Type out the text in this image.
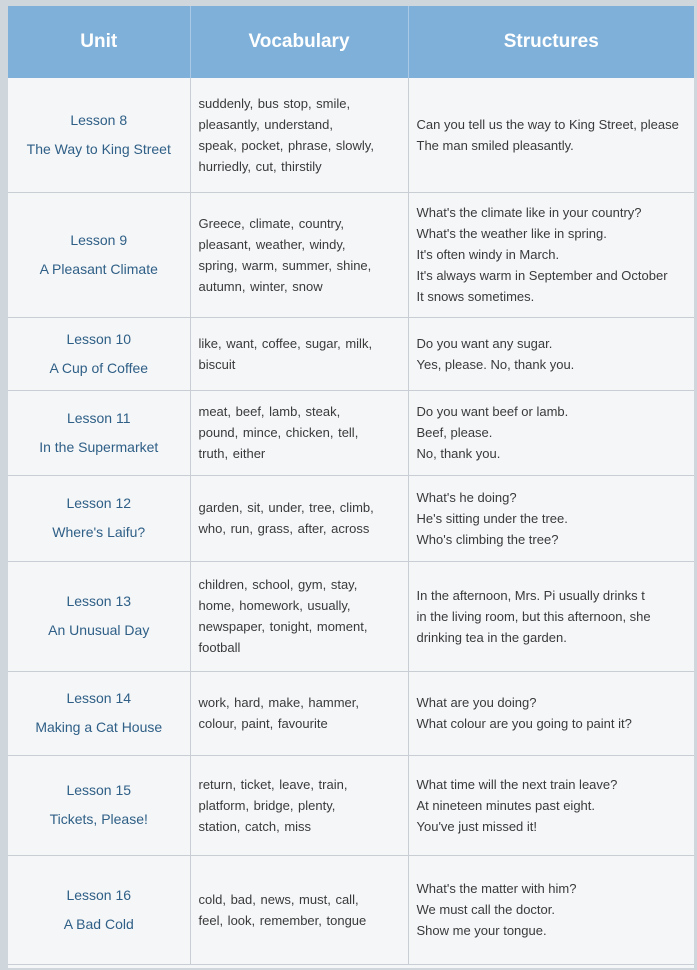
Unit	Vocabulary	Structures

Lesson 8
The Way to King Street	suddenly, bus stop, smile,
pleasantly, understand,
speak, pocket, phrase, slowly,
hurriedly, cut, thirstily	Can you tell us the way to King Street, please
The man smiled pleasantly.

Lesson 9
A Pleasant Climate	Greece, climate, country,
pleasant, weather, windy,
spring, warm, summer, shine,
autumn, winter, snow	What's the climate like in your country?
What's the weather like in spring.
It's often windy in March.
It's always warm in September and October
It snows sometimes.

Lesson 10
A Cup of Coffee	like, want, coffee, sugar, milk,
biscuit	Do you want any sugar.
Yes, please. No, thank you.

Lesson 11
In the Supermarket	meat, beef, lamb, steak,
pound, mince, chicken, tell,
truth, either	Do you want beef or lamb.
Beef, please.
No, thank you.

Lesson 12
Where's Laifu?	garden, sit, under, tree, climb,
who, run, grass, after, across	What's he doing?
He's sitting under the tree.
Who's climbing the tree?

Lesson 13
An Unusual Day	children, school, gym, stay,
home, homework, usually,
newspaper, tonight, moment,
football	In the afternoon, Mrs. Pi usually drinks t
in the living room, but this afternoon, she
drinking tea in the garden.

Lesson 14
Making a Cat House	work, hard, make, hammer,
colour, paint, favourite	What are you doing?
What colour are you going to paint it?

Lesson 15
Tickets, Please!	return, ticket, leave, train,
platform, bridge, plenty,
station, catch, miss	What time will the next train leave?
At nineteen minutes past eight.
You've just missed it!

Lesson 16
A Bad Cold	cold, bad, news, must, call,
feel, look, remember, tongue	What's the matter with him?
We must call the doctor.
Show me your tongue.
